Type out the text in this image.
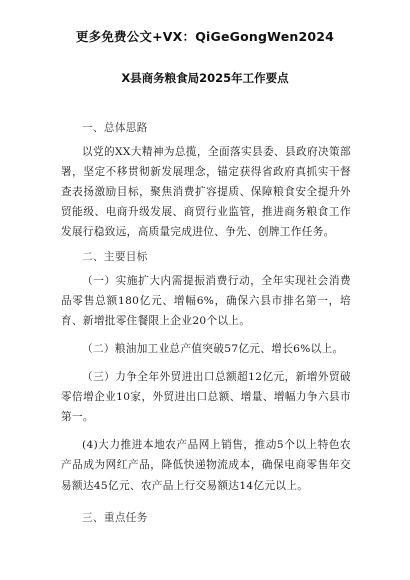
更多免费公文+VX：QiGeGongWen2024
X县商务粮食局2025年工作要点
一、总体思路

以党的XX大精神为总揽，全面落实县委、县政府决策部署，坚定不移贯彻新发展理念，锚定获得省政府真抓实干督查表扬激励目标，聚焦消费扩容提质、保障粮食安全提升外贸能级、电商升级发展、商贸行业监管，推进商务粮食工作发展行稳致远，高质量完成进位、争先、创牌工作任务。

二、主要目标

（一）实施扩大内需提振消费行动，全年实现社会消费品零售总额180亿元、增幅6%，确保六县市排名第一，培育、新增批零住餐限上企业20个以上。

（二）粮油加工业总产值突破57亿元、增长6%以上。

（三）力争全年外贸进出口总额超12亿元，新增外贸破零倍增企业10家，外贸进出口总额、增量、增幅力争六县市第一。

(4)大力推进本地农产品网上销售，推动5个以上特色农产品成为网红产品，降低快递物流成本，确保电商零售年交易额达45亿元、农产品上行交易额达14亿元以上。

三、重点任务
